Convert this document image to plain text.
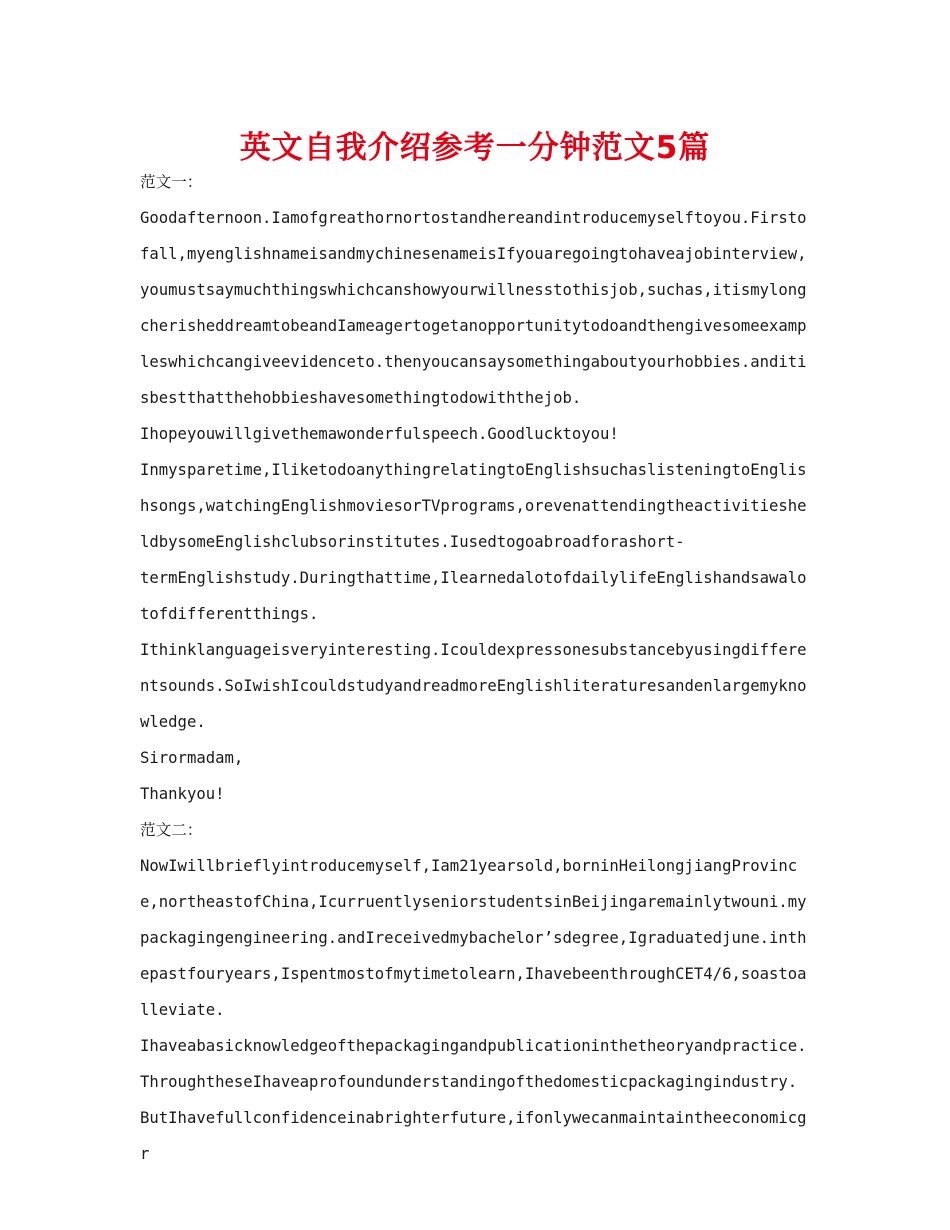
英文自我介绍参考一分钟范文5篇

范文一：

Goodafternoon.Iamofgreathornortostandhereandintroducemyselftoyou.Firstofall,myenglishnameisandmychinesenameisIfyouaregoingtohaveajobinterview,youmustsaymuchthingswhichcanshowyourwillnesstothisjob,suchas,itismylongcherisheddreamtobeandIameagertogetanopportunitytodoandthengivesomeexampleswhichcangiveevidenceto.thenyoucansaysomethingaboutyourhobbies.anditisbestthatthehobbieshavesomethingtodowiththejob.

Ihopeyouwillgivethemawonderfulspeech.Goodlucktoyou!

Inmysparetime,IliketodoanythingrelatingtoEnglishsuchaslisteningtoEnglishsongs,watchingEnglishmoviesorTVprograms,orevenattendingtheactivitiesheldbysomeEnglishclubsorinstitutes.Iusedtogoabroadforashort-

termEnglishstudy.Duringthattime,IlearnedalotofdailylifeEnglishandsawalotofdifferentthings.

Ithinklanguageisveryinteresting.Icouldexpressonesubstancebyusingdifferentsounds.SoIwishIcouldstudyandreadmoreEnglishliteraturesandenlargemyknowledge.

Sirormadam,

Thankyou!

范文二：

NowIwillbrieflyintroducemyself,Iam21yearsold,borninHeilongjiangProvince,northeastofChina,IcurruentlyseniorstudentsinBeijingaremainlytwouni.mypackagingengineering.andIreceivedmybachelor’sdegree,Igraduatedjune.inthepastfouryears,Ispentmostofmytimetolearn,IhavebeenthroughCET4/6,soastoalleviate.

Ihaveabasicknowledgeofthepackagingandpublicationinthetheoryandpractice.

ThroughtheseIhaveaprofoundunderstandingofthedomesticpackagingindustry.

ButIhavefullconfidenceinabrighterfuture,ifonlywecanmaintaintheeconomicgr
